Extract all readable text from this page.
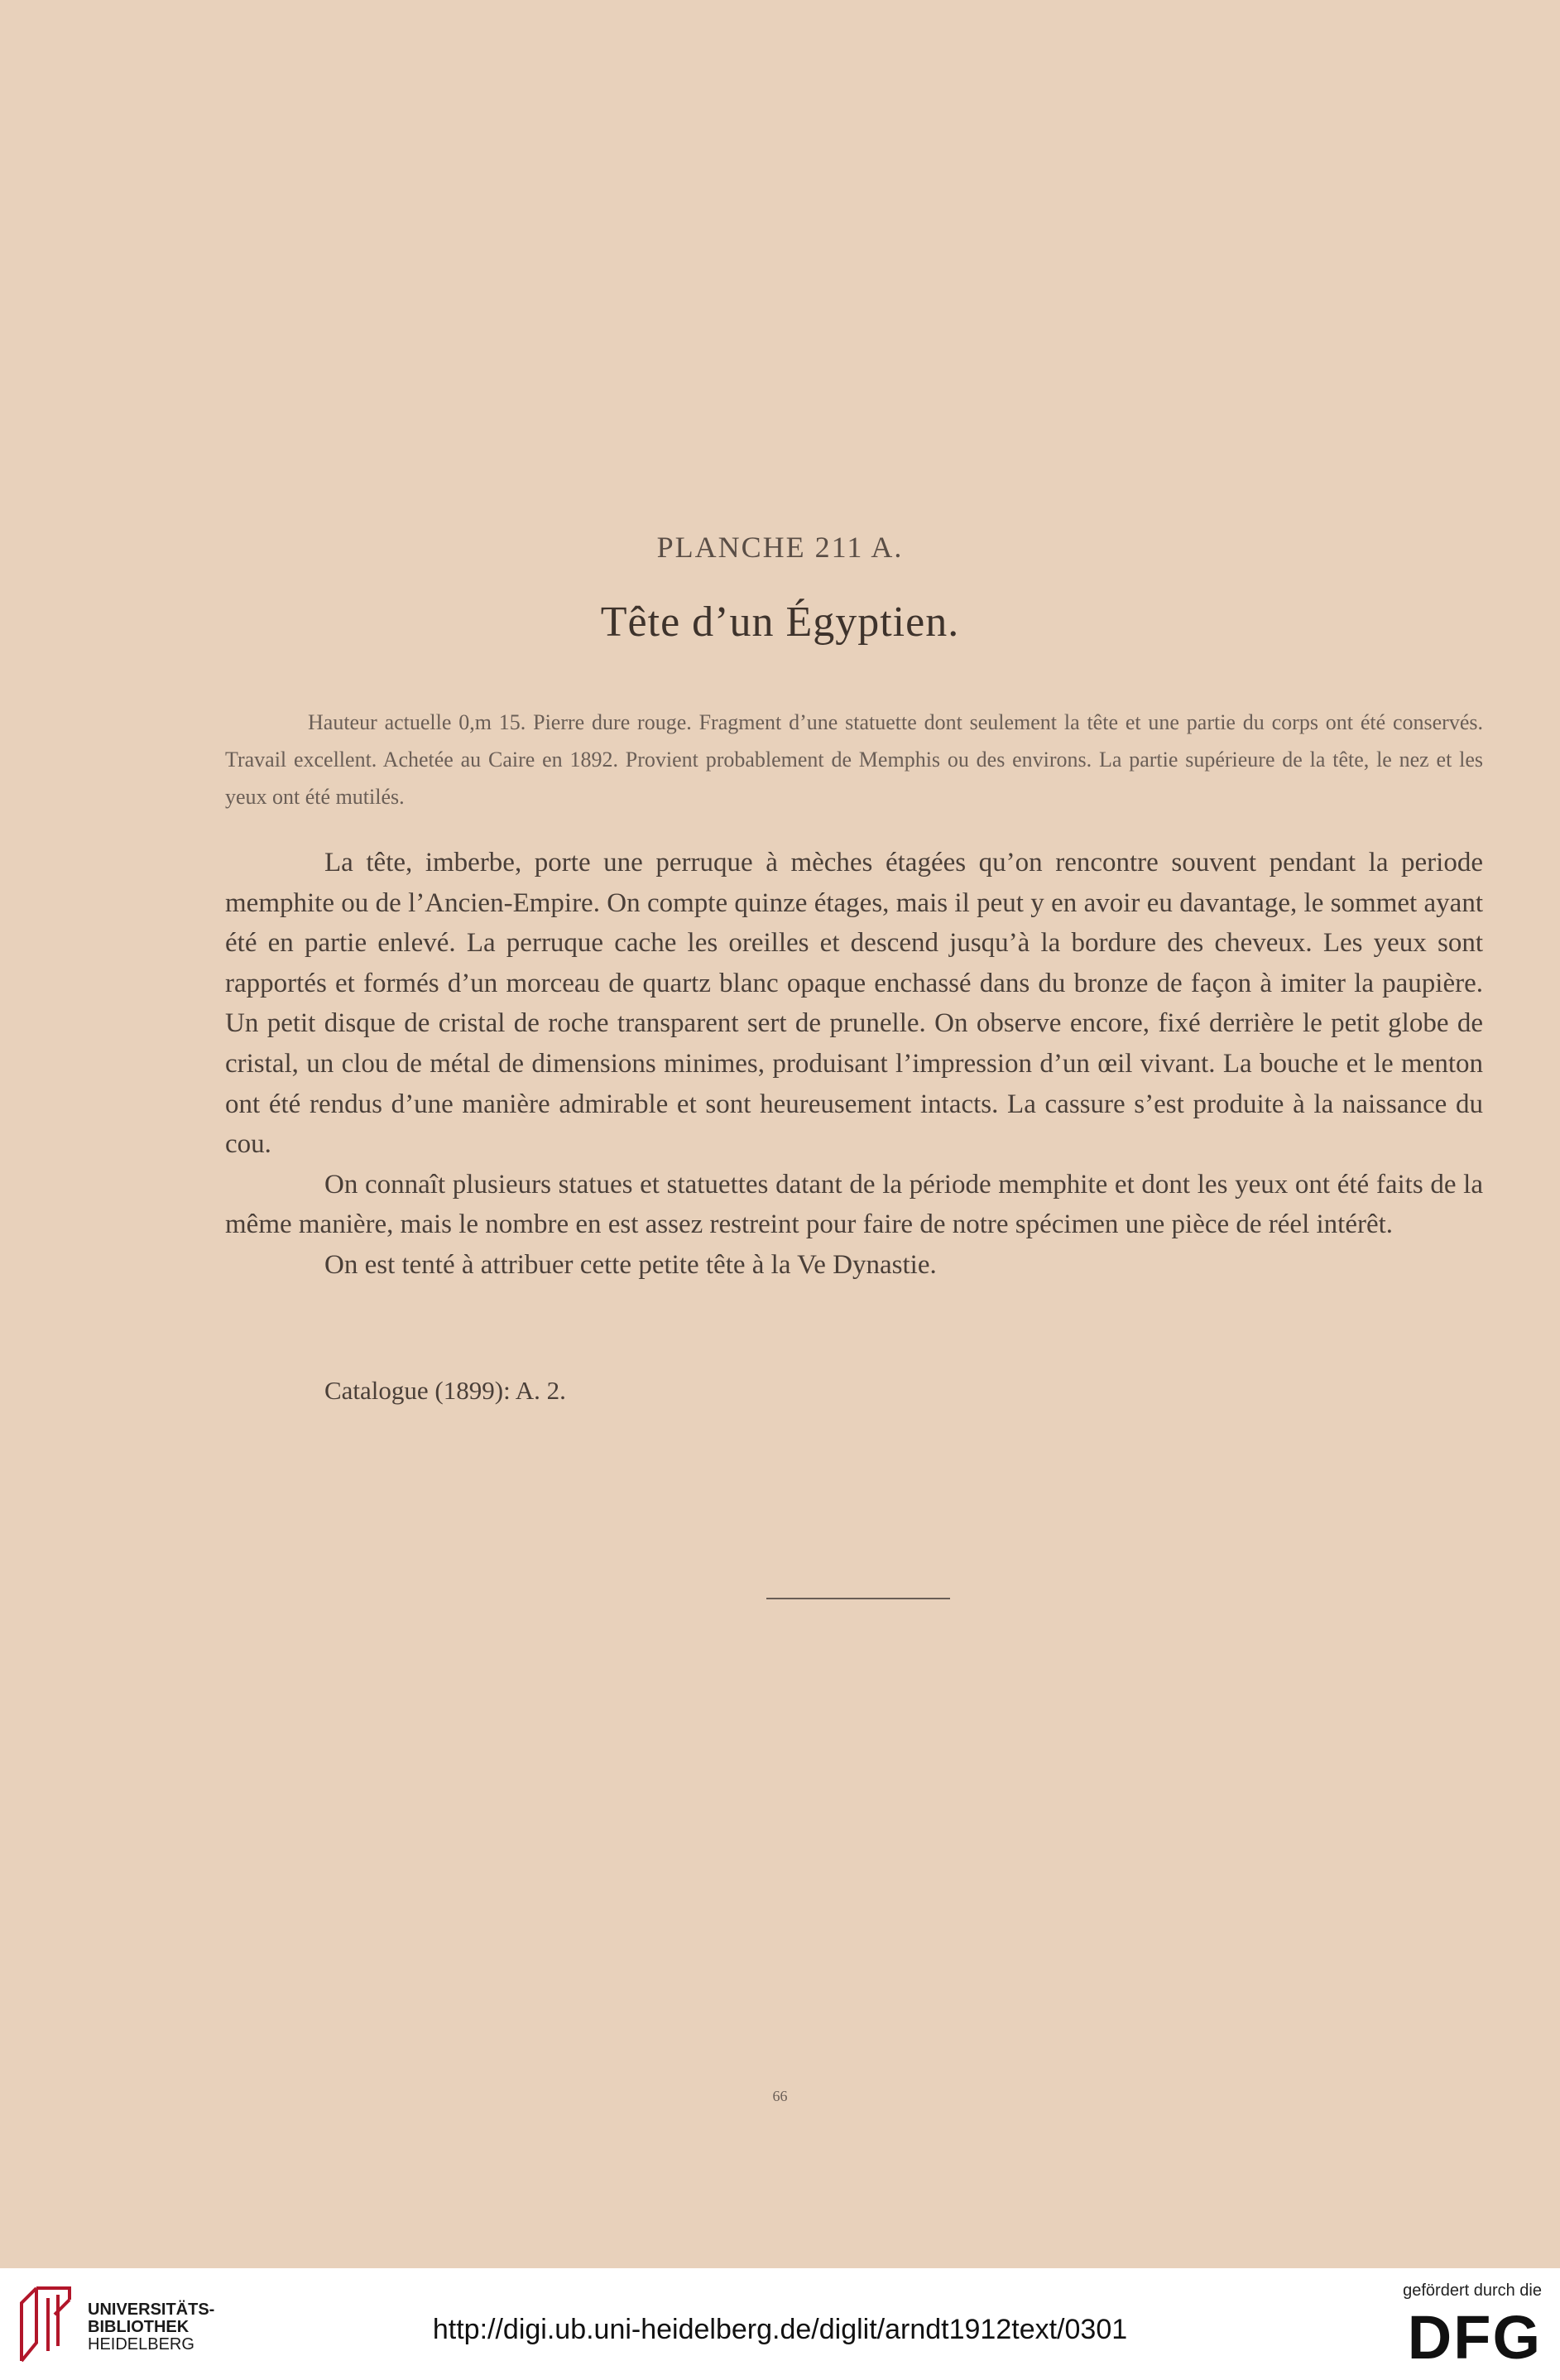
PLANCHE 211 A.
Tête d’un Égyptien.
Hauteur actuelle 0,m 15. Pierre dure rouge. Fragment d’une statuette dont seulement la tête et une partie du corps ont été conservés. Travail excellent. Achetée au Caire en 1892. Provient probablement de Memphis ou des environs. La partie supérieure de la tête, le nez et les yeux ont été mutilés.

La tête, imberbe, porte une perruque à mèches étagées qu’on rencontre souvent pendant la periode memphite ou de l’Ancien-Empire. On compte quinze étages, mais il peut y en avoir eu davantage, le sommet ayant été en partie enlevé. La perruque cache les oreilles et descend jusqu’à la bordure des cheveux. Les yeux sont rapportés et formés d’un morceau de quartz blanc opaque enchassé dans du bronze de façon à imiter la paupière. Un petit disque de cristal de roche transparent sert de prunelle. On observe encore, fixé derrière le petit globe de cristal, un clou de métal de dimensions minimes, produisant l’impression d’un œil vivant. La bouche et le menton ont été rendus d’une manière admirable et sont heureusement intacts. La cassure s’est produite à la naissance du cou.

On connaît plusieurs statues et statuettes datant de la période memphite et dont les yeux ont été faits de la même manière, mais le nombre en est assez restreint pour faire de notre spécimen une pièce de réel intérêt.

On est tenté à attribuer cette petite tête à la Ve Dynastie.

Catalogue (1899): A. 2.
66
UNIVERSITÄTS-
BIBLIOTHEK
HEIDELBERG	http://digi.ub.uni-heidelberg.de/diglit/arndt1912text/0301
gefördert durch die
DFG
